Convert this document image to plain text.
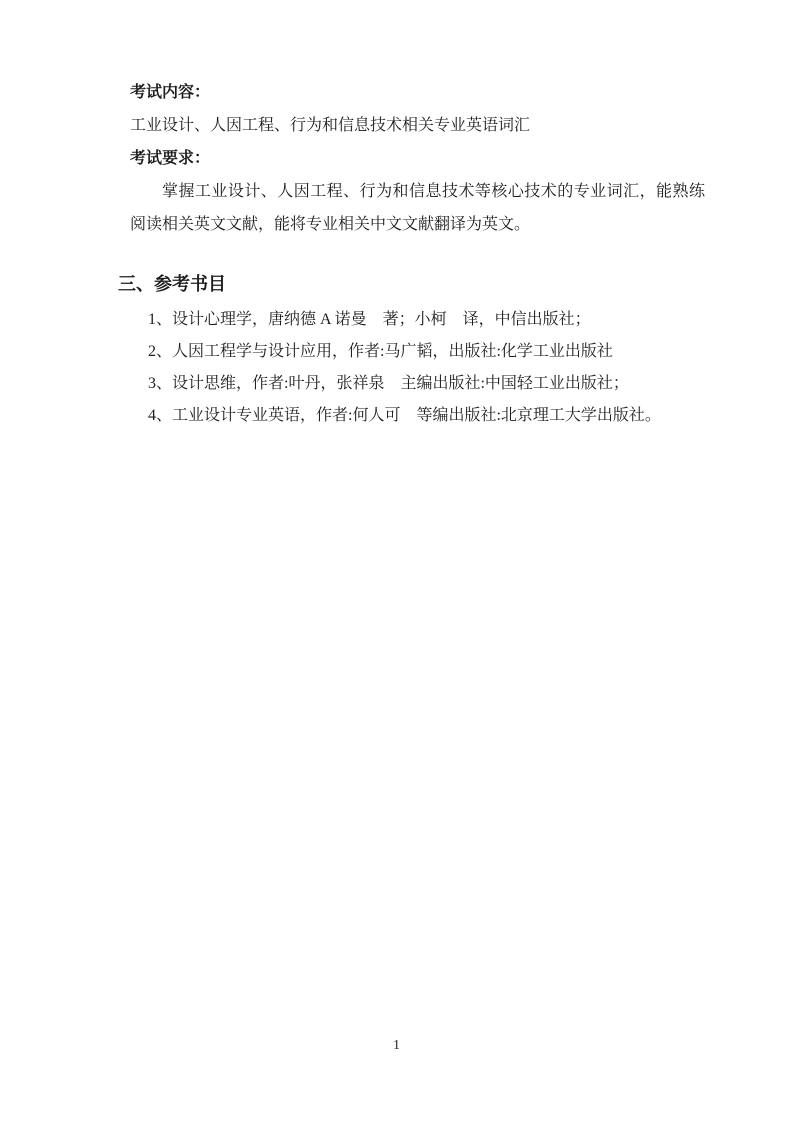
考试内容：

工业设计、人因工程、行为和信息技术相关专业英语词汇

考试要求：

掌握工业设计、人因工程、行为和信息技术等核心技术的专业词汇，能熟练阅读相关英文文献，能将专业相关中文文献翻译为英文。

三、参考书目

1、设计心理学，唐纳德 A 诺曼　著；小柯　译，中信出版社；

2、人因工程学与设计应用，作者:马广韬，出版社:化学工业出版社

3、设计思维，作者:叶丹，张祥泉　主编出版社:中国轻工业出版社；

4、工业设计专业英语，作者:何人可　等编出版社:北京理工大学出版社。

1
